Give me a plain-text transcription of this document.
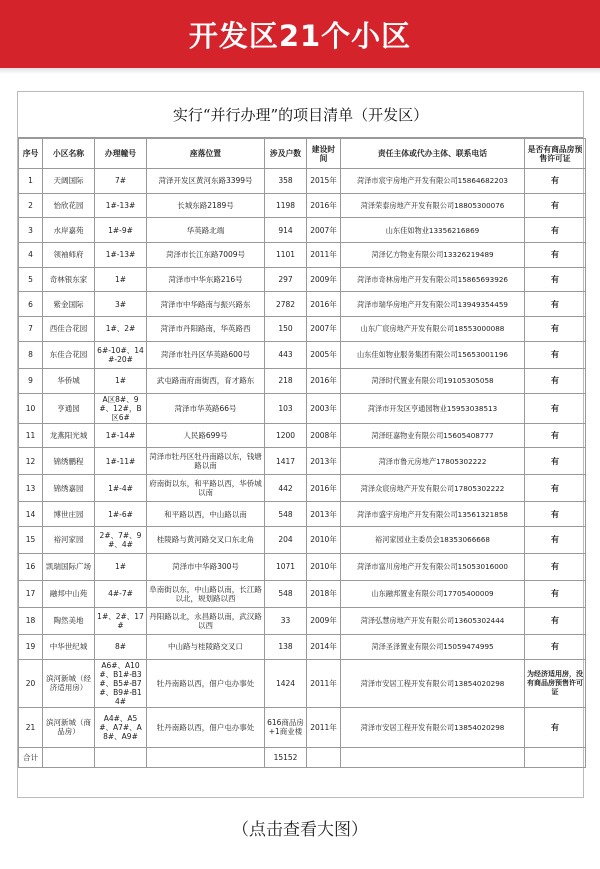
开发区21个小区
实行“并行办理”的项目清单（开发区）
序号	小区名称	办理幢号	座落位置	涉及户数	建设时间	责任主体或代办主体、联系电话	是否有商品房预售许可证
1	天阔国际	7#	菏泽开发区黄河东路3399号	358	2015年	菏泽市宸宇房地产开发有限公司15864682203	有
2	怡欣花园	1#-13#	长城东路2189号	1198	2016年	菏泽荣泰房地产开发有限公司18805300076	有
3	水岸嘉苑	1#-9#	华英路北端	914	2007年	山东佳如物业13356216869	有
4	领袖师府	1#-13#	菏泽市长江东路7009号	1101	2011年	菏泽亿方物业有限公司13326219489	有
5	奇林银东家	1#	菏泽市中华东路216号	297	2009年	菏泽市奇林房地产开发有限公司15865693926	有
6	紫金国际	3#	菏泽市中华路南与振兴路东	2782	2016年	菏泽市瑞华房地产开发有限公司13949354459	有
7	西佳合花园	1#、2#	菏泽市丹阳路南，华英路西	150	2007年	山东广宸房地产开发有限公司18553000088	有
8	东佳合花园	6#-10#、14#-20#	菏泽市牡丹区华英路600号	443	2005年	山东佳如物业服务集团有限公司15653001196	有
9	华侨城	1#	武屯路南府南街西，育才路东	218	2016年	菏泽时代置业有限公司19105305058	有
10	亨通园	A区8#、9#、12#，B区6#	菏泽市华英路66号	103	2003年	菏泽市开发区亨通园物业15953038513	有
11	龙燕阳光城	1#-14#	人民路699号	1200	2008年	菏泽旺嘉物业有限公司15605408777	有
12	锦绣鹏程	1#-11#	菏泽市牡丹区牡丹南路以东，钱塘路以南	1417	2013年	菏泽市鲁元房地产17805302222	有
13	锦绣嘉园	1#-4#	府南街以东，和平路以西，华侨城以南	442	2016年	菏泽众宸房地产开发有限公司17805302222	有
14	博世庄园	1#-6#	和平路以西，中山路以南	548	2013年	菏泽市盛宇房地产开发有限公司13561321858	有
15	裕河家园	2#、7#、9#、4#	桂陵路与黄河路交叉口东北角	204	2010年	裕河家园业主委员会18353066668	有
16	凯瑞国际广场	1#	菏泽市中华路300号	1071	2010年	菏泽市富川房地产开发有限公司15053016000	有
17	融邦中山苑	4#-7#	阜南街以东，中山路以南，长江路以北，规划路以西	548	2018年	山东融邦置业有限公司17705400009	有
18	陶然美地	1#、2#、17#	丹阳路以北，永昌路以南，武汉路以西	33	2009年	菏泽弘慧房地产开发有限公司13605302444	有
19	中华世纪城	8#	中山路与桂陵路交叉口	138	2014年	菏泽圣泽置业有限公司15059474995	有
20	滨河新城（经济适用房）	A6#、A10#、B1#-B3#、B5#-B7#、B9#-B14#	牡丹南路以西，佃户屯办事处	1424	2011年	菏泽市安居工程开发有限公司13854020298	为经济适用房，没有商品房预售许可证
21	滨河新城（商品房）	A4#、A5#、A7#、A8#、A9#	牡丹南路以西，佃户屯办事处	616商品房+1商业楼	2011年	菏泽市安居工程开发有限公司13854020298	有
合计				15152			
（点击查看大图）
